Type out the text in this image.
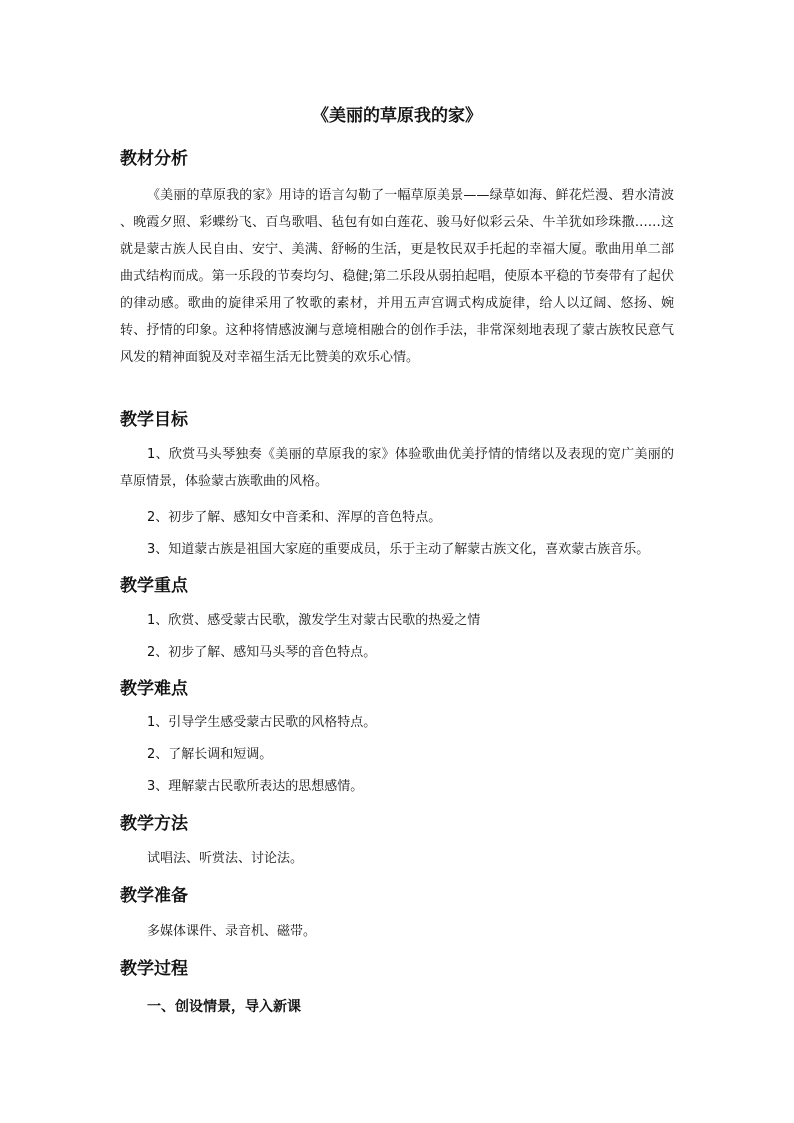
《美丽的草原我的家》
教材分析
《美丽的草原我的家》用诗的语言勾勒了一幅草原美景——绿草如海、鲜花烂漫、碧水清波 、晚霞夕照、彩蝶纷飞、百鸟歌唱、毡包有如白莲花、骏马好似彩云朵、牛羊犹如珍珠撒……这就是蒙古族人民自由、安宁、美满、舒畅的生活，更是牧民双手托起的幸福大厦。歌曲用单二部曲式结构而成。第一乐段的节奏均匀、稳健;第二乐段从弱拍起唱，使原本平稳的节奏带有了起伏的律动感。歌曲的旋律采用了牧歌的素材，并用五声宫调式构成旋律，给人以辽阔、悠扬、婉转、抒情的印象。这种将情感波澜与意境相融合的创作手法，非常深刻地表现了蒙古族牧民意气风发的精神面貌及对幸福生活无比赞美的欢乐心情。
教学目标
1、欣赏马头琴独奏《美丽的草原我的家》体验歌曲优美抒情的情绪以及表现的宽广美丽的草原情景，体验蒙古族歌曲的风格。
2、初步了解、感知女中音柔和、浑厚的音色特点。
3、知道蒙古族是祖国大家庭的重要成员，乐于主动了解蒙古族文化，喜欢蒙古族音乐。
教学重点
1、欣赏、感受蒙古民歌，激发学生对蒙古民歌的热爱之情
2、初步了解、感知马头琴的音色特点。
教学难点
1、引导学生感受蒙古民歌的风格特点。
2、了解长调和短调。
3、理解蒙古民歌所表达的思想感情。
教学方法
试唱法、听赏法、讨论法。
教学准备
多媒体课件、录音机、磁带。
教学过程
一、创设情景，导入新课
